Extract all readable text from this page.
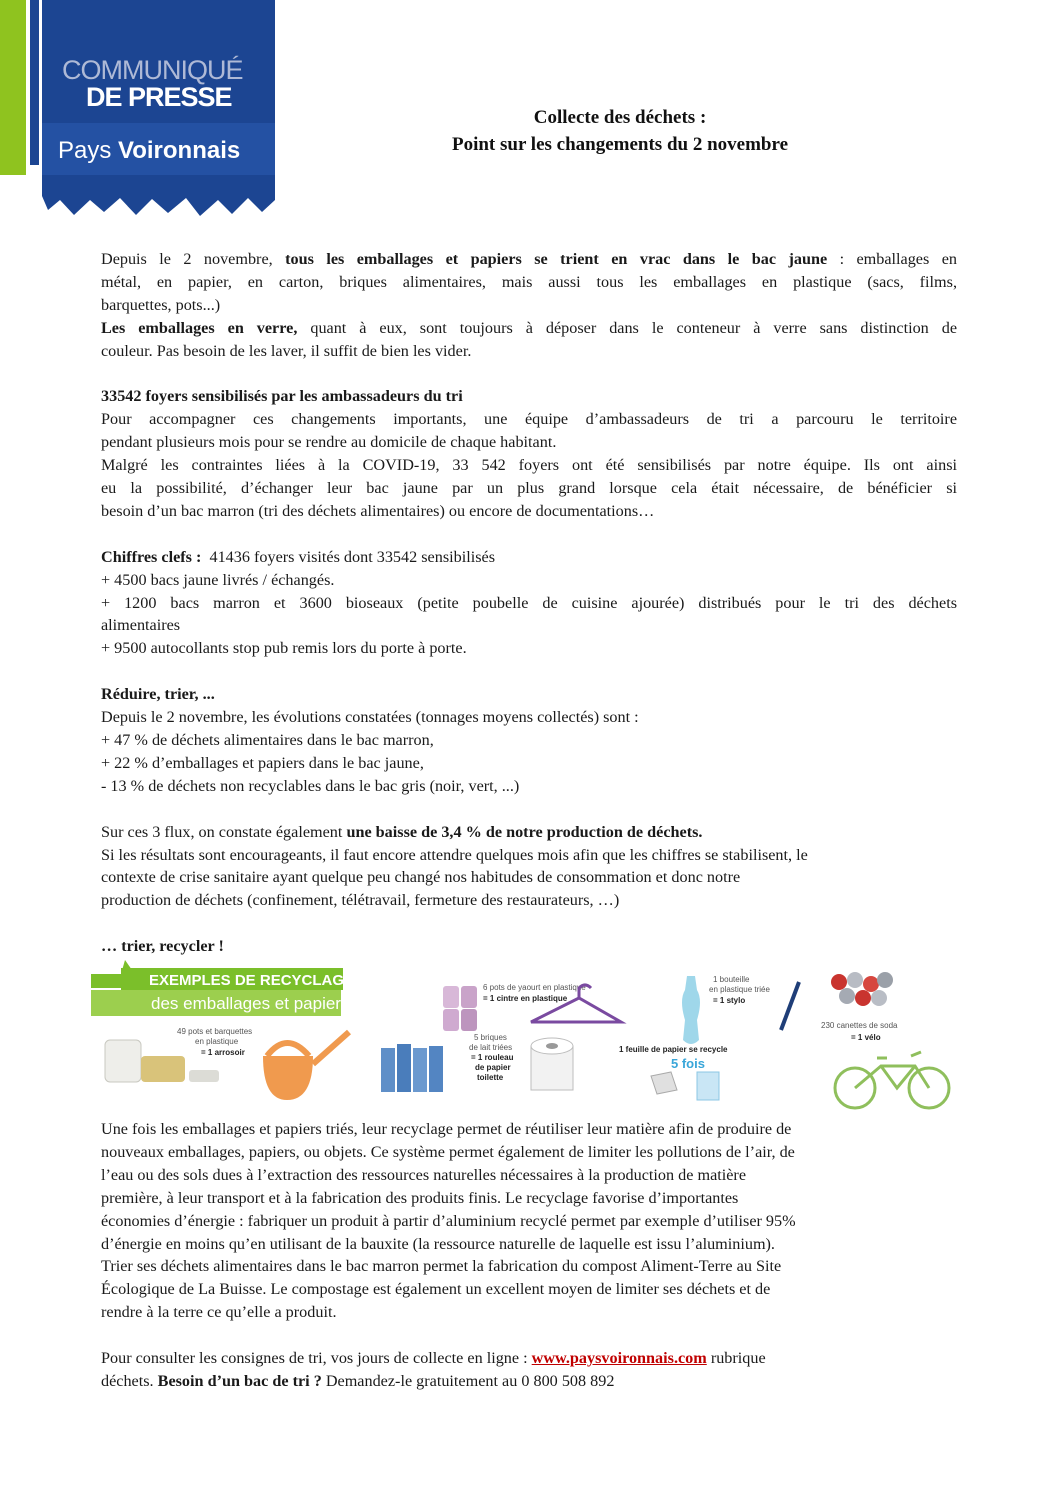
COMMUNIQUÉ
DE PRESSE
Pays Voironnais
Collecte des déchets :
Point sur les changements du 2 novembre
Depuis le 2 novembre, tous les emballages et papiers se trient en vrac dans le bac jaune : emballages en
métal, en papier, en carton, briques alimentaires, mais aussi tous les emballages en plastique (sacs, films,
barquettes, pots...)
Les emballages en verre, quant à eux, sont toujours à déposer dans le conteneur à verre sans distinction de
couleur. Pas besoin de les laver, il suffit de bien les vider.
33542 foyers sensibilisés par les ambassadeurs du tri
Pour accompagner ces changements importants, une équipe d’ambassadeurs de tri a parcouru le territoire
pendant plusieurs mois pour se rendre au domicile de chaque habitant.
Malgré les contraintes liées à la COVID-19, 33 542 foyers ont été sensibilisés par notre équipe. Ils ont ainsi
eu la possibilité, d’échanger leur bac jaune par un plus grand lorsque cela était nécessaire, de bénéficier si
besoin d’un bac marron (tri des déchets alimentaires) ou encore de documentations…
Chiffres clefs : 41436 foyers visités dont 33542 sensibilisés
+ 4500 bacs jaune livrés / échangés.
+ 1200 bacs marron et 3600 bioseaux (petite poubelle de cuisine ajourée) distribués pour le tri des déchets
alimentaires
+ 9500 autocollants stop pub remis lors du porte à porte.
Réduire, trier, ...
Depuis le 2 novembre, les évolutions constatées (tonnages moyens collectés) sont :
+ 47 % de déchets alimentaires dans le bac marron,
+ 22 % d’emballages et papiers dans le bac jaune,
- 13 % de déchets non recyclables dans le bac gris (noir, vert, ...)
Sur ces 3 flux, on constate également une baisse de 3,4 % de notre production de déchets.
Si les résultats sont encourageants, il faut encore attendre quelques mois afin que les chiffres se stabilisent, le
contexte de crise sanitaire ayant quelque peu changé nos habitudes de consommation et donc notre
production de déchets (confinement, télétravail, fermeture des restaurateurs, …)
… trier, recycler !
EXEMPLES DE RECYCLAGE
des emballages et papiers triés
6 pots de yaourt en plastique
= 1 cintre en plastique
1 bouteille
en plastique triée
= 1 stylo
230 canettes de soda
= 1 vélo
49 pots et barquettes
en plastique
= 1 arrosoir
5 briques
de lait triées
= 1 rouleau
de papier
toilette
1 feuille de papier se recycle
5 fois
Une fois les emballages et papiers triés, leur recyclage permet de réutiliser leur matière afin de produire de
nouveaux emballages, papiers, ou objets. Ce système permet également de limiter les pollutions de l’air, de
l’eau ou des sols dues à l’extraction des ressources naturelles nécessaires à la production de matière
première, à leur transport et à la fabrication des produits finis. Le recyclage favorise d’importantes
économies d’énergie : fabriquer un produit à partir d’aluminium recyclé permet par exemple d’utiliser 95%
d’énergie en moins qu’en utilisant de la bauxite (la ressource naturelle de laquelle est issu l’aluminium).
Trier ses déchets alimentaires dans le bac marron permet la fabrication du compost Aliment-Terre au Site
Écologique de La Buisse. Le compostage est également un excellent moyen de limiter ses déchets et de
rendre à la terre ce qu’elle a produit.
Pour consulter les consignes de tri, vos jours de collecte en ligne : www.paysvoironnais.com rubrique
déchets. Besoin d’un bac de tri ? Demandez-le gratuitement au 0 800 508 892
